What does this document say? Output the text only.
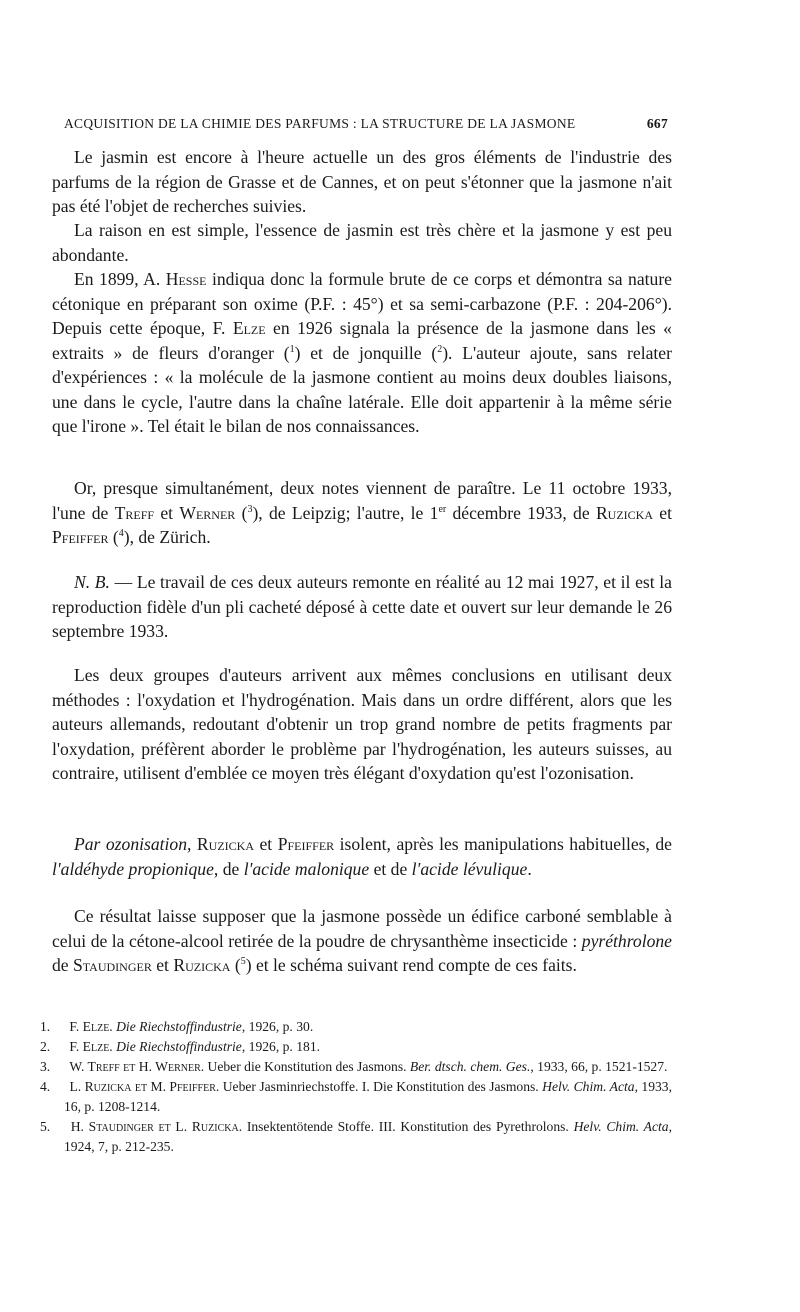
ACQUISITION DE LA CHIMIE DES PARFUMS : LA STRUCTURE DE LA JASMONE	667

Le jasmin est encore à l'heure actuelle un des gros éléments de l'industrie des parfums de la région de Grasse et de Cannes, et on peut s'étonner que la jasmone n'ait pas été l'objet de recherches suivies.

La raison en est simple, l'essence de jasmin est très chère et la jasmone y est peu abondante.

En 1899, A. Hesse indiqua donc la formule brute de ce corps et démontra sa nature cétonique en préparant son oxime (P.F. : 45°) et sa semi-carbazone (P.F. : 204-206°). Depuis cette époque, F. Elze en 1926 signala la présence de la jasmone dans les « extraits » de fleurs d'oranger ($^1$) et de jonquille ($^2$). L'auteur ajoute, sans relater d'expériences : « la molécule de la jasmone contient au moins deux doubles liaisons, une dans le cycle, l'autre dans la chaîne latérale. Elle doit appartenir à la même série que l'irone ». Tel était le bilan de nos connaissances.

Or, presque simultanément, deux notes viennent de paraître. Le 11 octobre 1933, l'une de Treff et Werner ($^3$), de Leipzig; l'autre, le 1er décembre 1933, de Ruzicka et Pfeiffer ($^4$), de Zürich.

N. B. — Le travail de ces deux auteurs remonte en réalité au 12 mai 1927, et il est la reproduction fidèle d'un pli cacheté déposé à cette date et ouvert sur leur demande le 26 septembre 1933.

Les deux groupes d'auteurs arrivent aux mêmes conclusions en utilisant deux méthodes : l'oxydation et l'hydrogénation. Mais dans un ordre différent, alors que les auteurs allemands, redoutant d'obtenir un trop grand nombre de petits fragments par l'oxydation, préfèrent aborder le problème par l'hydrogénation, les auteurs suisses, au contraire, utilisent d'emblée ce moyen très élégant d'oxydation qu'est l'ozonisation.

Par ozonisation, Ruzicka et Pfeiffer isolent, après les manipulations habituelles, de l'aldéhyde propionique, de l'acide malonique et de l'acide lévulique.

Ce résultat laisse supposer que la jasmone possède un édifice carboné semblable à celui de la cétone-alcool retirée de la poudre de chrysanthème insecticide : pyréthrolone de Staudinger et Ruzicka ($^5$) et le schéma suivant rend compte de ces faits.

1. F. Elze. Die Riechstoffindustrie, 1926, p. 30.
2. F. Elze. Die Riechstoffindustrie, 1926, p. 181.
3. W. Treff et H. Werner. Ueber die Konstitution des Jasmons. Ber. dtsch. chem. Ges., 1933, 66, p. 1521-1527.
4. L. Ruzicka et M. Pfeiffer. Ueber Jasminriechstoffe. I. Die Konstitution des Jasmons. Helv. Chim. Acta, 1933, 16, p. 1208-1214.
5. H. Staudinger et L. Ruzicka. Insektentötende Stoffe. III. Konstitution des Pyrethrolons. Helv. Chim. Acta, 1924, 7, p. 212-235.
